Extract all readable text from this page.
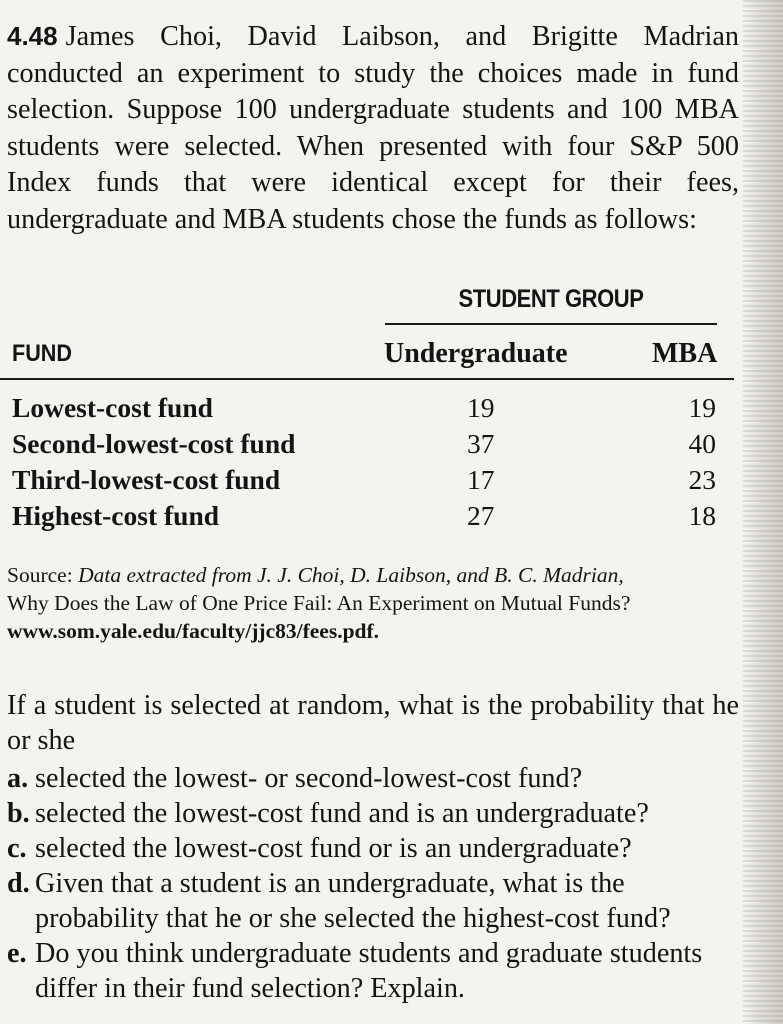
4.48 James Choi, David Laibson, and Brigitte Madrian conducted an experiment to study the choices made in fund selection. Suppose 100 undergraduate students and 100 MBA students were selected. When presented with four S&P 500 Index funds that were identical except for their fees, undergraduate and MBA students chose the funds as follows:

STUDENT GROUP
FUND	Undergraduate	MBA
Lowest-cost fund	19	19
Second-lowest-cost fund	37	40
Third-lowest-cost fund	17	23
Highest-cost fund	27	18

Source: Data extracted from J. J. Choi, D. Laibson, and B. C. Madrian,
Why Does the Law of One Price Fail: An Experiment on Mutual Funds?
www.som.yale.edu/faculty/jjc83/fees.pdf.

If a student is selected at random, what is the probability that he or she

a. selected the lowest- or second-lowest-cost fund?
b. selected the lowest-cost fund and is an undergraduate?
c. selected the lowest-cost fund or is an undergraduate?
d. Given that a student is an undergraduate, what is the probability that he or she selected the highest-cost fund?
e. Do you think undergraduate students and graduate students differ in their fund selection? Explain.
